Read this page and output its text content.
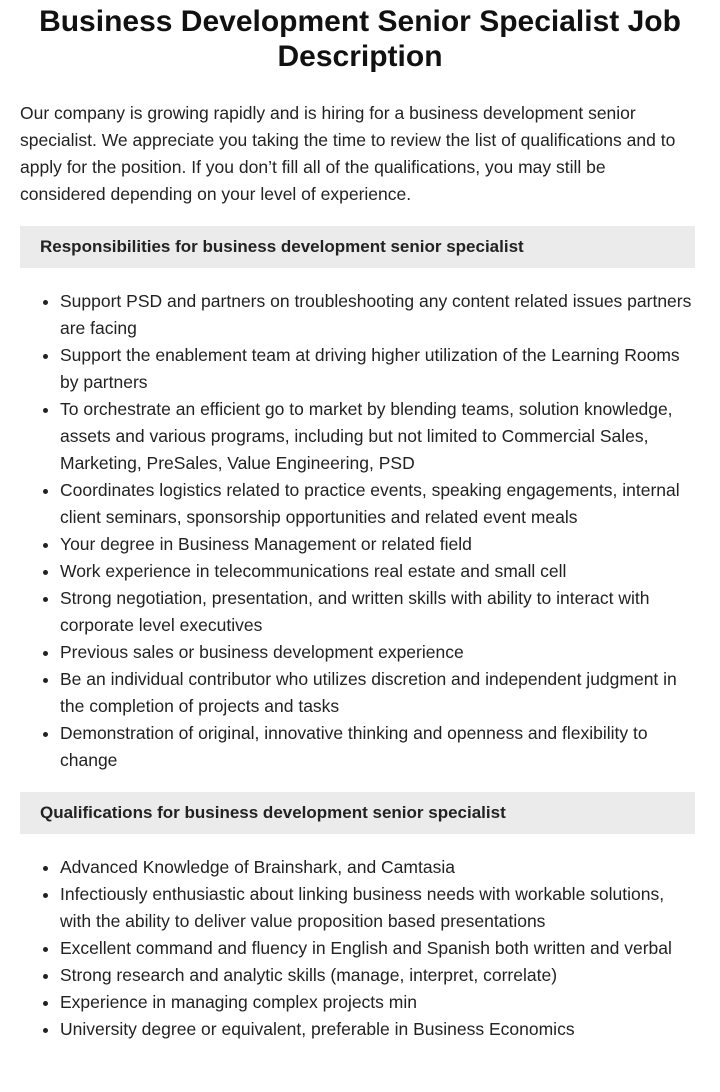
Business Development Senior Specialist Job Description

Our company is growing rapidly and is hiring for a business development senior specialist. We appreciate you taking the time to review the list of qualifications and to apply for the position. If you don’t fill all of the qualifications, you may still be considered depending on your level of experience.

Responsibilities for business development senior specialist
• Support PSD and partners on troubleshooting any content related issues partners are facing
• Support the enablement team at driving higher utilization of the Learning Rooms by partners
• To orchestrate an efficient go to market by blending teams, solution knowledge, assets and various programs, including but not limited to Commercial Sales, Marketing, PreSales, Value Engineering, PSD
• Coordinates logistics related to practice events, speaking engagements, internal client seminars, sponsorship opportunities and related event meals
• Your degree in Business Management or related field
• Work experience in telecommunications real estate and small cell
• Strong negotiation, presentation, and written skills with ability to interact with corporate level executives
• Previous sales or business development experience
• Be an individual contributor who utilizes discretion and independent judgment in the completion of projects and tasks
• Demonstration of original, innovative thinking and openness and flexibility to change
Qualifications for business development senior specialist
• Advanced Knowledge of Brainshark, and Camtasia
• Infectiously enthusiastic about linking business needs with workable solutions, with the ability to deliver value proposition based presentations
• Excellent command and fluency in English and Spanish both written and verbal
• Strong research and analytic skills (manage, interpret, correlate)
• Experience in managing complex projects min
• University degree or equivalent, preferable in Business Economics
